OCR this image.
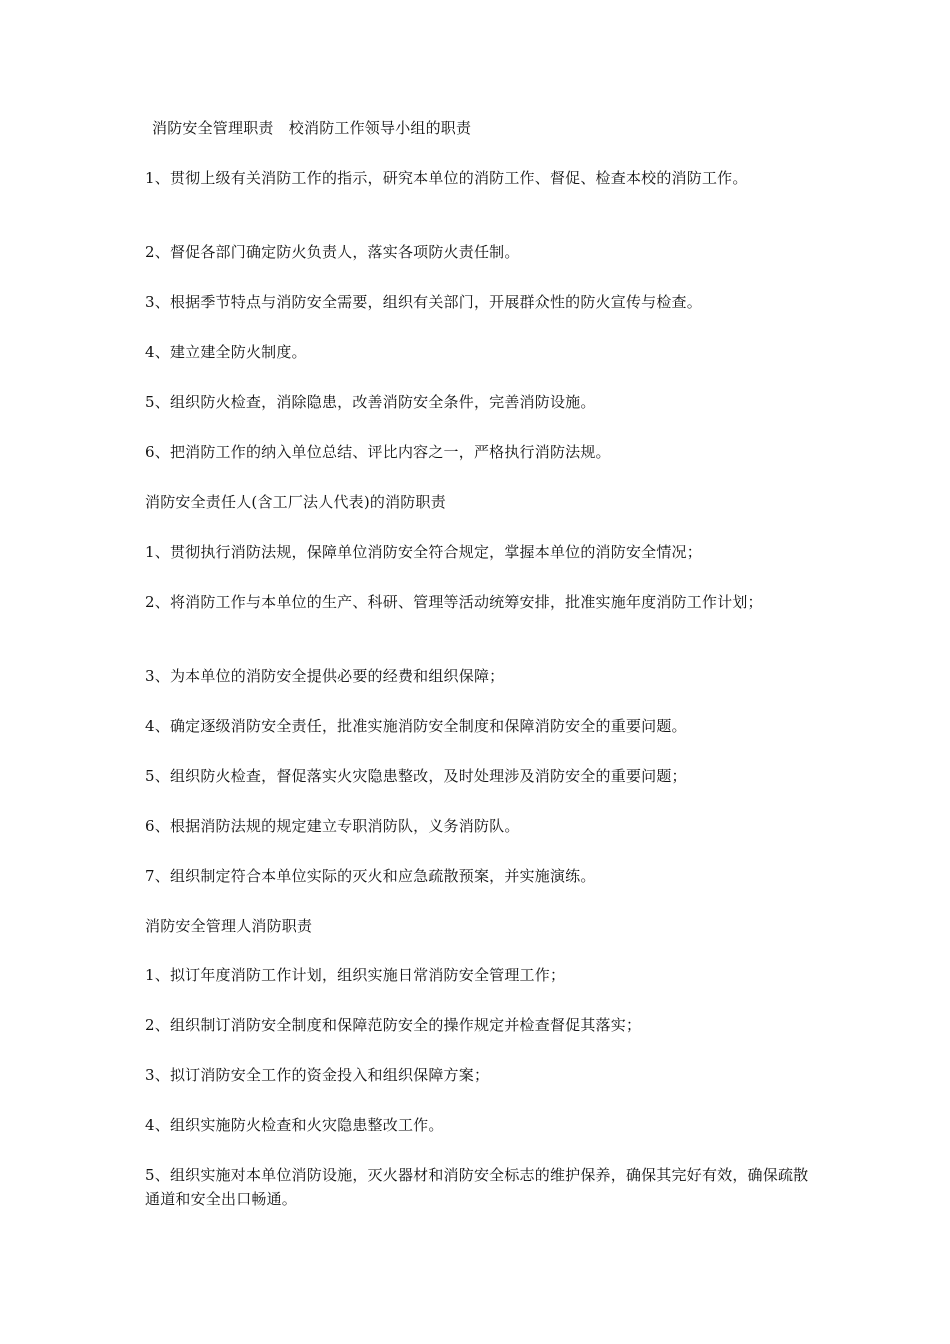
消防安全管理职责　校消防工作领导小组的职责
1、贯彻上级有关消防工作的指示，研究本单位的消防工作、督促、检查本校的消防工作。
2、督促各部门确定防火负责人，落实各项防火责任制。
3、根据季节特点与消防安全需要，组织有关部门，开展群众性的防火宣传与检查。
4、建立建全防火制度。
5、组织防火检查，消除隐患，改善消防安全条件，完善消防设施。
6、把消防工作的纳入单位总结、评比内容之一，严格执行消防法规。
消防安全责任人(含工厂法人代表)的消防职责
1、贯彻执行消防法规，保障单位消防安全符合规定，掌握本单位的消防安全情况；
2、将消防工作与本单位的生产、科研、管理等活动统筹安排，批准实施年度消防工作计划；
3、为本单位的消防安全提供必要的经费和组织保障；
4、确定逐级消防安全责任，批准实施消防安全制度和保障消防安全的重要问题。
5、组织防火检查，督促落实火灾隐患整改，及时处理涉及消防安全的重要问题；
6、根据消防法规的规定建立专职消防队，义务消防队。
7、组织制定符合本单位实际的灭火和应急疏散预案，并实施演练。
消防安全管理人消防职责
1、拟订年度消防工作计划，组织实施日常消防安全管理工作；
2、组织制订消防安全制度和保障范防安全的操作规定并检查督促其落实；
3、拟订消防安全工作的资金投入和组织保障方案；
4、组织实施防火检查和火灾隐患整改工作。
5、组织实施对本单位消防设施，灭火器材和消防安全标志的维护保养，确保其完好有效，确保疏散通道和安全出口畅通。
